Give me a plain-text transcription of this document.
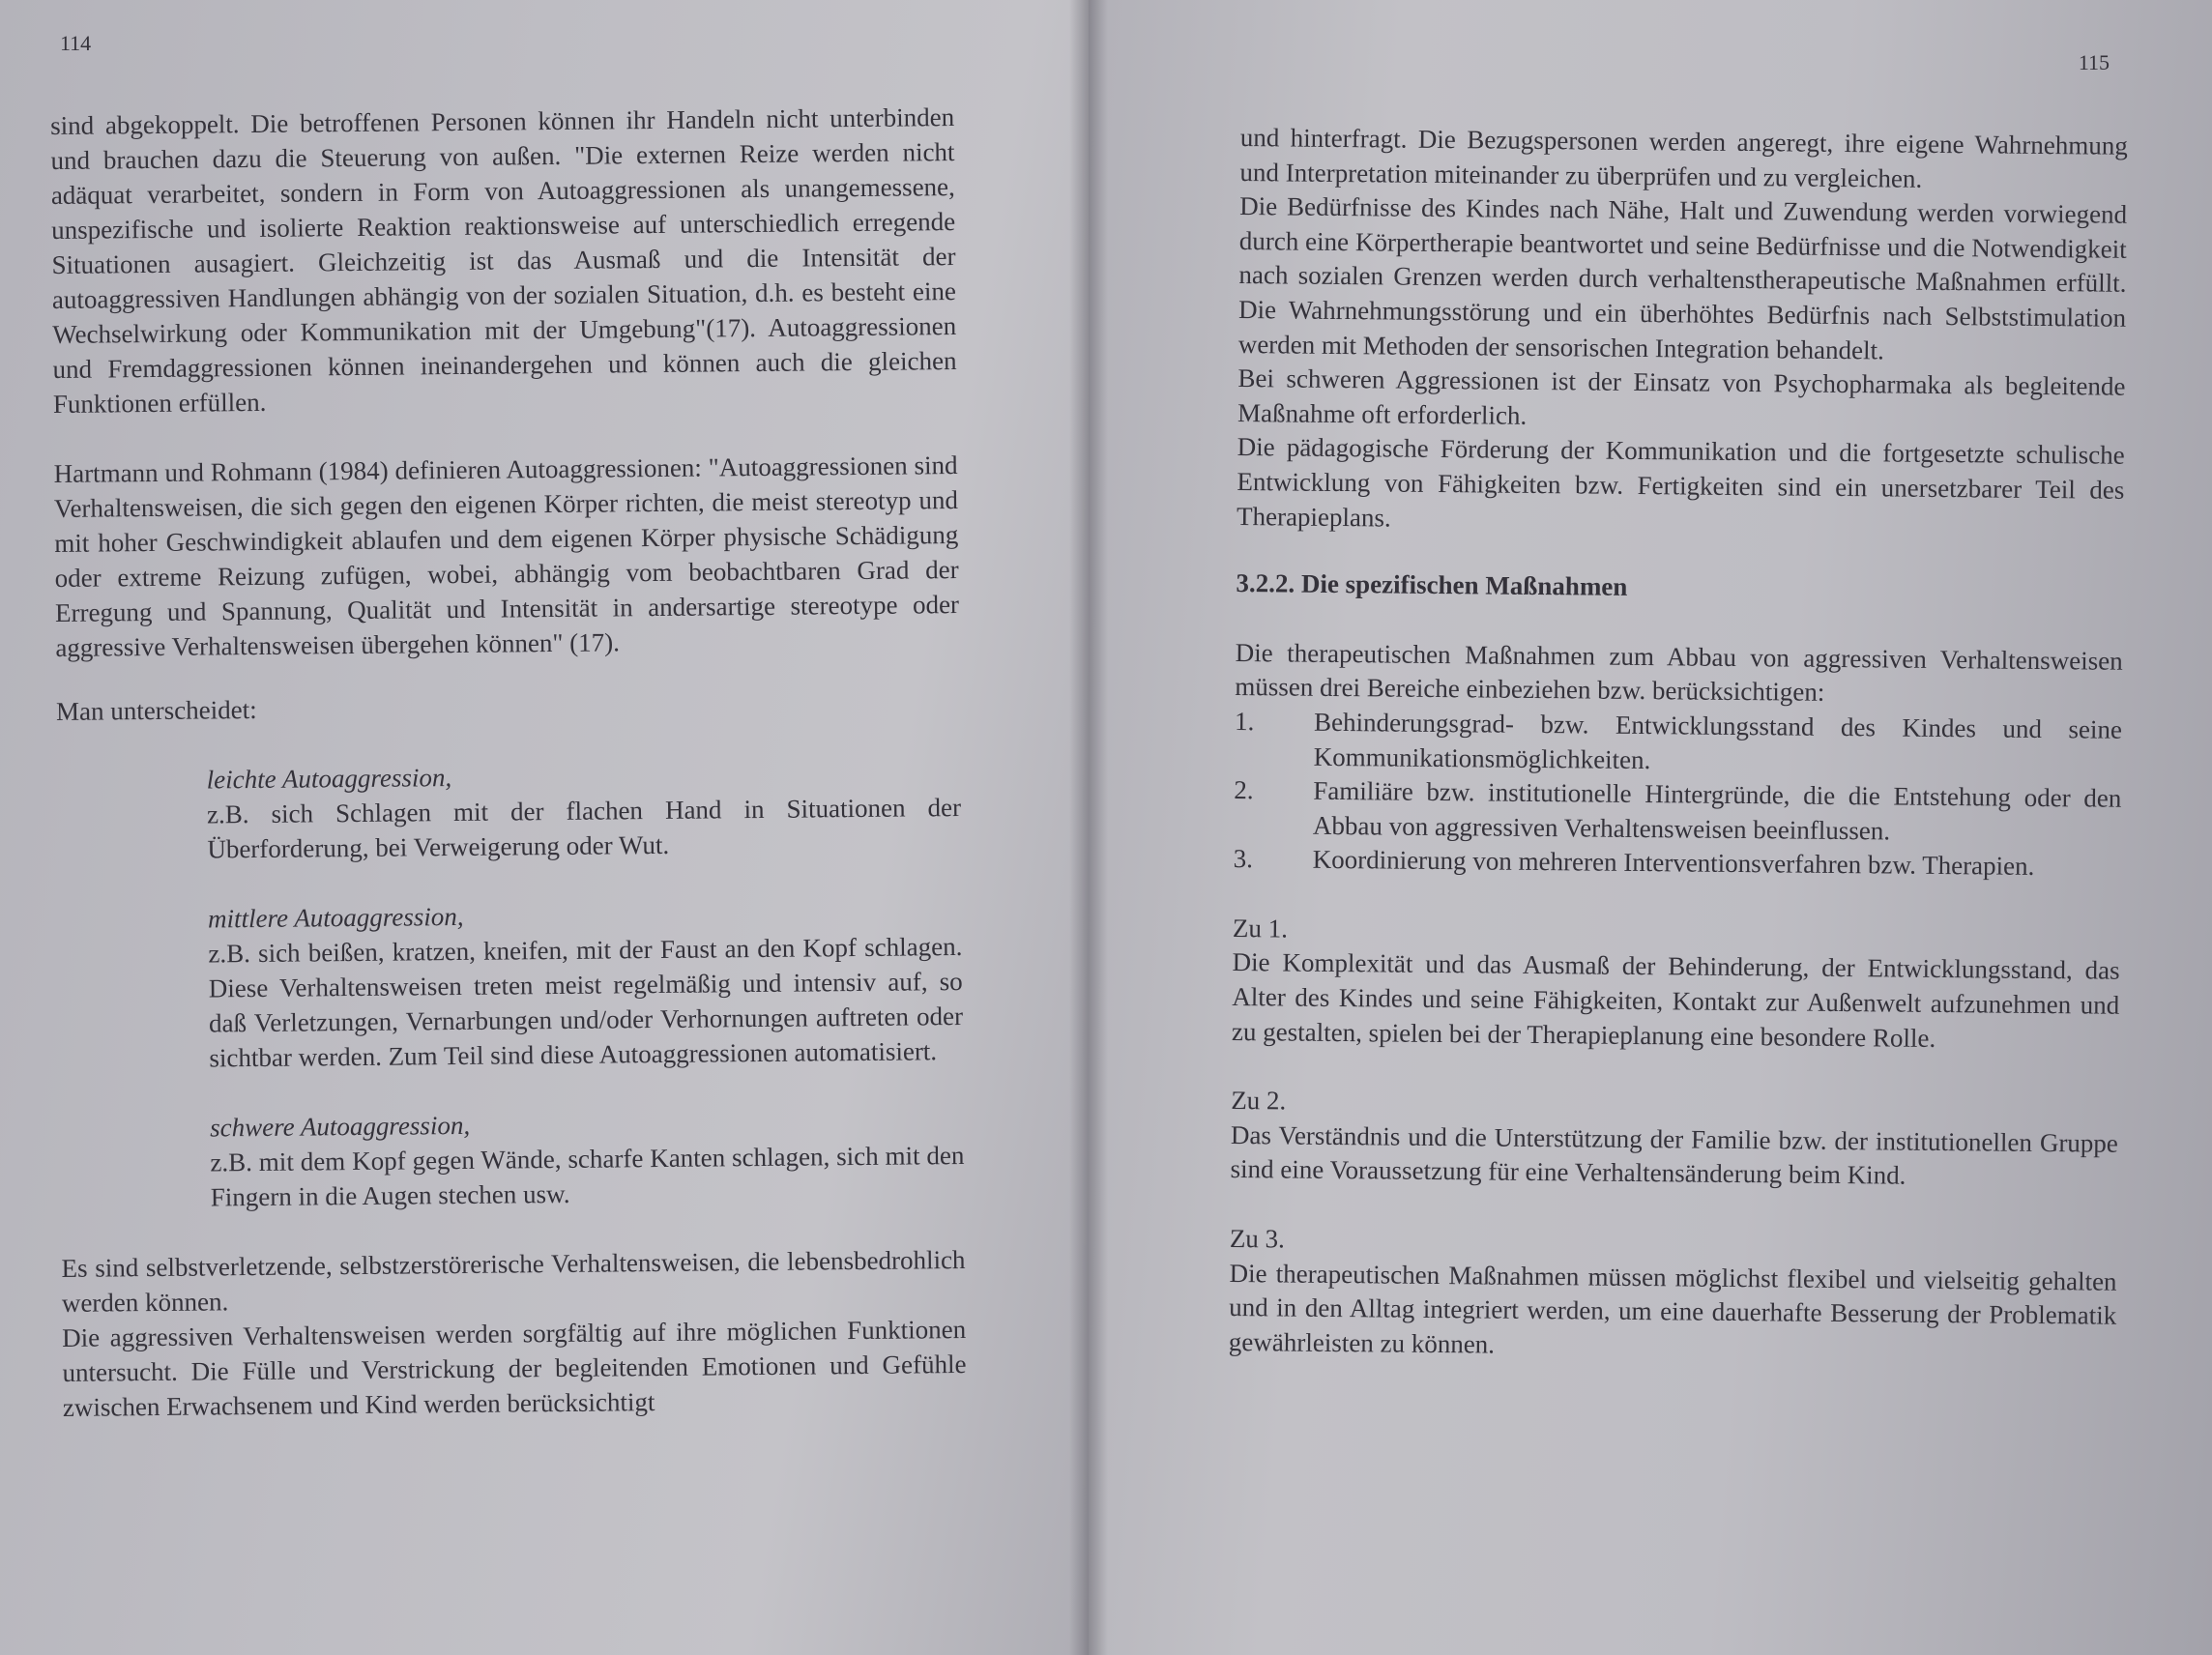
114

sind abgekoppelt. Die betroffenen Personen können ihr Handeln nicht unterbinden und brauchen dazu die Steuerung von außen. "Die externen Reize werden nicht adäquat verarbeitet, sondern in Form von Autoaggressionen als unangemessene, unspezifische und isolierte Reaktion reaktionsweise auf unterschiedlich erregende Situationen ausagiert. Gleichzeitig ist das Ausmaß und die Intensität der autoaggressiven Handlungen abhängig von der sozialen Situation, d.h. es besteht eine Wechselwirkung oder Kommunikation mit der Umgebung"(17). Autoaggressionen und Fremdaggressionen können ineinandergehen und können auch die gleichen Funktionen erfüllen.

Hartmann und Rohmann (1984) definieren Autoaggressionen: "Autoaggressionen sind Verhaltensweisen, die sich gegen den eigenen Körper richten, die meist stereotyp und mit hoher Geschwindigkeit ablaufen und dem eigenen Körper physische Schädigung oder extreme Reizung zufügen, wobei, abhängig vom beobachtbaren Grad der Erregung und Spannung, Qualität und Intensität in andersartige stereotype oder aggressive Verhaltensweisen übergehen können" (17).

Man unterscheidet:

leichte Autoaggression,

z.B. sich Schlagen mit der flachen Hand in Situationen der Überforderung, bei Verweigerung oder Wut.

mittlere Autoaggression,

z.B. sich beißen, kratzen, kneifen, mit der Faust an den Kopf schlagen. Diese Verhaltensweisen treten meist regelmäßig und intensiv auf, so daß Verletzungen, Vernarbungen und/oder Verhornungen auftreten oder sichtbar werden. Zum Teil sind diese Autoaggressionen automatisiert.

schwere Autoaggression,

z.B. mit dem Kopf gegen Wände, scharfe Kanten schlagen, sich mit den Fingern in die Augen stechen usw.

Es sind selbstverletzende, selbstzerstörerische Verhaltensweisen, die lebensbedrohlich werden können.

Die aggressiven Verhaltensweisen werden sorgfältig auf ihre möglichen Funktionen untersucht. Die Fülle und Verstrickung der begleitenden Emotionen und Gefühle zwischen Erwachsenem und Kind werden berücksichtigt

115

und hinterfragt. Die Bezugspersonen werden angeregt, ihre eigene Wahrnehmung und Interpretation miteinander zu überprüfen und zu vergleichen.

Die Bedürfnisse des Kindes nach Nähe, Halt und Zuwendung werden vorwiegend durch eine Körpertherapie beantwortet und seine Bedürfnisse und die Notwendigkeit nach sozialen Grenzen werden durch verhaltenstherapeutische Maßnahmen erfüllt. Die Wahrnehmungsstörung und ein überhöhtes Bedürfnis nach Selbststimulation werden mit Methoden der sensorischen Integration behandelt.

Bei schweren Aggressionen ist der Einsatz von Psychopharmaka als begleitende Maßnahme oft erforderlich.

Die pädagogische Förderung der Kommunikation und die fortgesetzte schulische Entwicklung von Fähigkeiten bzw. Fertigkeiten sind ein unersetzbarer Teil des Therapieplans.

3.2.2. Die spezifischen Maßnahmen

Die therapeutischen Maßnahmen zum Abbau von aggressiven Verhaltensweisen müssen drei Bereiche einbeziehen bzw. berücksichtigen:

1.	Behinderungsgrad- bzw. Entwicklungsstand des Kindes und seine Kommunikationsmöglichkeiten.
2.	Familiäre bzw. institutionelle Hintergründe, die die Entstehung oder den Abbau von aggressiven Verhaltensweisen beeinflussen.
3.	Koordinierung von mehreren Interventionsverfahren bzw. Therapien.

Zu 1.

Die Komplexität und das Ausmaß der Behinderung, der Entwicklungsstand, das Alter des Kindes und seine Fähigkeiten, Kontakt zur Außenwelt aufzunehmen und zu gestalten, spielen bei der Therapieplanung eine besondere Rolle.

Zu 2.

Das Verständnis und die Unterstützung der Familie bzw. der institutionellen Gruppe sind eine Voraussetzung für eine Verhaltensänderung beim Kind.

Zu 3.

Die therapeutischen Maßnahmen müssen möglichst flexibel und vielseitig gehalten und in den Alltag integriert werden, um eine dauerhafte Besserung der Problematik gewährleisten zu können.
